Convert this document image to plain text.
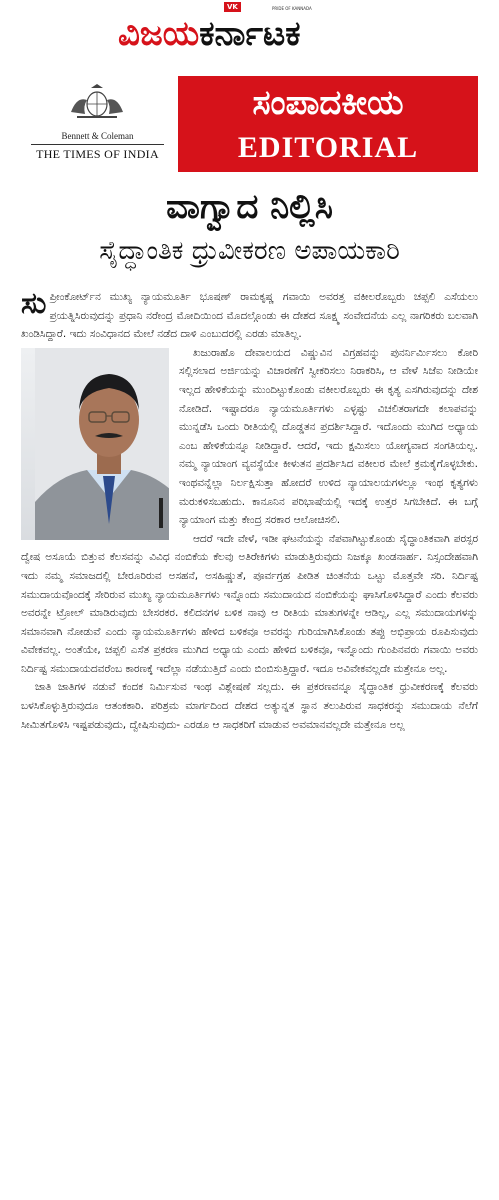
VK	PRIDE OF KANNADA
ವಿಜಯಕರ್ನಾಟಕ
Bennett & Coleman
THE TIMES OF INDIA
ಸಂಪಾದಕೀಯ
EDITORIAL
ವಾಗ್ವಾದ ನಿಲ್ಲಿಸಿ
ಸೈದ್ಧಾಂತಿಕ ಧ್ರುವೀಕರಣ ಅಪಾಯಕಾರಿ

ಸುಪ್ರೀಂಕೋರ್ಟ್‌ನ ಮುಖ್ಯ ನ್ಯಾಯಮೂರ್ತಿ ಭೂಷಣ್‌ ರಾಮಕೃಷ್ಣ ಗವಾಯಿ ಅವರತ್ತ ವಕೀಲರೊಬ್ಬರು ಚಪ್ಪಲಿ ಎಸೆಯಲು ಪ್ರಯತ್ನಿಸಿರುವುದನ್ನು ಪ್ರಧಾನಿ ನರೇಂದ್ರ ಮೋದಿಯಿಂದ ಮೊದಲ್ಗೊಂಡು ಈ ದೇಶದ ಸೂಕ್ಷ್ಮ ಸಂವೇದನೆಯ ಎಲ್ಲ ನಾಗರಿಕರು ಬಲವಾಗಿ ಖಂಡಿಸಿದ್ದಾರೆ. ಇದು ಸಂವಿಧಾನದ ಮೇಲೆ ನಡೆದ ದಾಳಿ ಎಂಬುದರಲ್ಲಿ ಎರಡು ಮಾತಿಲ್ಲ.

ಖಜುರಾಹೊ ದೇವಾಲಯದ ವಿಷ್ಣುವಿನ ವಿಗ್ರಹವನ್ನು ಪುನರ್ನಿರ್ಮಿಸಲು ಕೋರಿ ಸಲ್ಲಿಸಲಾದ ಅರ್ಜಿಯನ್ನು ವಿಚಾರಣೆಗೆ ಸ್ವೀಕರಿಸಲು ನಿರಾಕರಿಸಿ, ಆ ವೇಳೆ ಸಿಜೆಐ ನೀಡಿಯೇ ಇಲ್ಲದ ಹೇಳಿಕೆಯನ್ನು ಮುಂದಿಟ್ಟುಕೊಂಡು ವಕೀಲರೊಬ್ಬರು ಈ ಕೃತ್ಯ ಎಸಗಿರುವುದನ್ನು ದೇಶ ನೋಡಿದೆ. ಇಷ್ಟಾದರೂ ನ್ಯಾಯಮೂರ್ತಿಗಳು ಎಳ್ಳಷ್ಟು ವಿಚಲಿತರಾಗದೇ ಕಲಾಪವನ್ನು ಮುನ್ನಡೆಸಿ ಒಂದು ರೀತಿಯಲ್ಲಿ ದೊಡ್ಡತನ ಪ್ರದರ್ಶಿಸಿದ್ದಾರೆ. ಇದೊಂದು ಮುಗಿದ ಅಧ್ಯಾಯ ಎಂಬ ಹೇಳಿಕೆಯನ್ನೂ ನೀಡಿದ್ದಾರೆ. ಆದರೆ, ಇದು ಕ್ಷಮಿಸಲು ಯೋಗ್ಯವಾದ ಸಂಗತಿಯಲ್ಲ. ನಮ್ಮ ನ್ಯಾಯಾಂಗ ವ್ಯವಸ್ಥೆಯೇ ಕೀಳುತನ ಪ್ರದರ್ಶಿಸಿದ ವಕೀಲರ ಮೇಲೆ ಕ್ರಮಕೈಗೊಳ್ಳಬೇಕು. ಇಂಥವನ್ನೆಲ್ಲಾ ನಿರ್ಲಕ್ಷಿಸುತ್ತಾ ಹೋದರೆ ಉಳಿದ ನ್ಯಾಯಾಲಯಗಳಲ್ಲೂ ಇಂಥ ಕೃತ್ಯಗಳು ಮರುಕಳಿಸಬಹುದು. ಕಾನೂನಿನ ಪರಿಭಾಷೆಯಲ್ಲಿ ಇದಕ್ಕೆ ಉತ್ತರ ಸಿಗಬೇಕಿದೆ. ಈ ಬಗ್ಗೆ ನ್ಯಾಯಾಂಗ ಮತ್ತು ಕೇಂದ್ರ ಸರಕಾರ ಆಲೋಚಿಸಲಿ.

ಆದರೆ ಇದೇ ವೇಳೆ, ಇಡೀ ಘಟನೆಯನ್ನು ನೆಪವಾಗಿಟ್ಟುಕೊಂಡು ಸೈದ್ಧಾಂತಿಕವಾಗಿ ಪರಸ್ಪರ ದ್ವೇಷ ಅಸೂಯೆ ಬಿತ್ತುವ ಕೆಲಸವನ್ನು ವಿವಿಧ ನಂಬಿಕೆಯ ಕೆಲವು ಅತಿರೇಕಿಗಳು ಮಾಡುತ್ತಿರುವುದು ನಿಜಕ್ಕೂ ಖಂಡನಾರ್ಹ. ನಿಸ್ಸಂದೇಹವಾಗಿ ಇದು ನಮ್ಮ ಸಮಾಜದಲ್ಲಿ ಬೇರೂರಿರುವ ಅಸಹನೆ, ಅಸಹಿಷ್ಣುತೆ, ಪೂರ್ವಗ್ರಹ ಪೀಡಿತ ಚಿಂತನೆಯ ಒಟ್ಟು ಮೊತ್ತವೇ ಸರಿ. ನಿರ್ದಿಷ್ಟ ಸಮುದಾಯವೊಂದಕ್ಕೆ ಸೇರಿರುವ ಮುಖ್ಯ ನ್ಯಾಯಮೂರ್ತಿಗಳು ಇನ್ನೊಂದು ಸಮುದಾಯದ ನಂಬಿಕೆಯನ್ನು ಘಾಸಿಗೊಳಿಸಿದ್ದಾರೆ ಎಂದು ಕೆಲವರು ಅವರನ್ನೇ ಟ್ರೋಲ್‌ ಮಾಡಿರುವುದು ಬೇಸರಕರ. ಕಲಿದನಗಳ ಬಳಿಕ ನಾವು ಆ ರೀತಿಯ ಮಾತುಗಳನ್ನೇ ಆಡಿಲ್ಲ, ಎಲ್ಲ ಸಮುದಾಯಗಳನ್ನು ಸಮಾನವಾಗಿ ನೋಡುವೆ ಎಂದು ನ್ಯಾಯಮೂರ್ತಿಗಳು ಹೇಳಿದ ಬಳಿಕವೂ ಅವರನ್ನು ಗುರಿಯಾಗಿಸಿಕೊಂಡು ತಪ್ಪು ಅಭಿಪ್ರಾಯ ರೂಪಿಸುವುದು ವಿವೇಕವಲ್ಲ. ಅಂತೆಯೇ, ಚಪ್ಪಲಿ ಎಸೆತ ಪ್ರಕರಣ ಮುಗಿದ ಅಧ್ಯಾಯ ಎಂದು ಹೇಳಿದ ಬಳಿಕವೂ, ಇನ್ನೊಂದು ಗುಂಪಿನವರು ಗವಾಯಿ ಅವರು ನಿರ್ದಿಷ್ಟ ಸಮುದಾಯದವರೆಂಬ ಕಾರಣಕ್ಕೆ ಇದೆಲ್ಲಾ ನಡೆಯುತ್ತಿದೆ ಎಂದು ಬಿಂಬಿಸುತ್ತಿದ್ದಾರೆ. ಇದೂ ಅವಿವೇಕವಲ್ಲದೇ ಮತ್ತೇನೂ ಅಲ್ಲ.

ಜಾತಿ ಜಾತಿಗಳ ನಡುವೆ ಕಂದಕ ನಿರ್ಮಿಸುವ ಇಂಥ ವಿಶ್ಲೇಷಣೆ ಸಲ್ಲದು. ಈ ಪ್ರಕರಣವನ್ನೂ ಸೈದ್ಧಾಂತಿಕ ಧ್ರುವೀಕರಣಕ್ಕೆ ಕೆಲವರು ಬಳಸಿಕೊಳ್ಳುತ್ತಿರುವುದೂ ಆತಂಕಕಾರಿ. ಪರಿಶ್ರಮ ಮಾರ್ಗದಿಂದ ದೇಶದ ಅತ್ಯುನ್ನತ ಸ್ಥಾನ ತಲುಪಿರುವ ಸಾಧಕರನ್ನು ಸಮುದಾಯ ನೆಲೆಗೆ ಸೀಮಿತಗೊಳಿಸಿ ಇಷ್ಟಪಡುವುದು, ದ್ವೇಷಿಸುವುದು- ಎರಡೂ ಆ ಸಾಧಕರಿಗೆ ಮಾಡುವ ಅವಮಾನವಲ್ಲದೇ ಮತ್ತೇನೂ ಅಲ್ಲ
